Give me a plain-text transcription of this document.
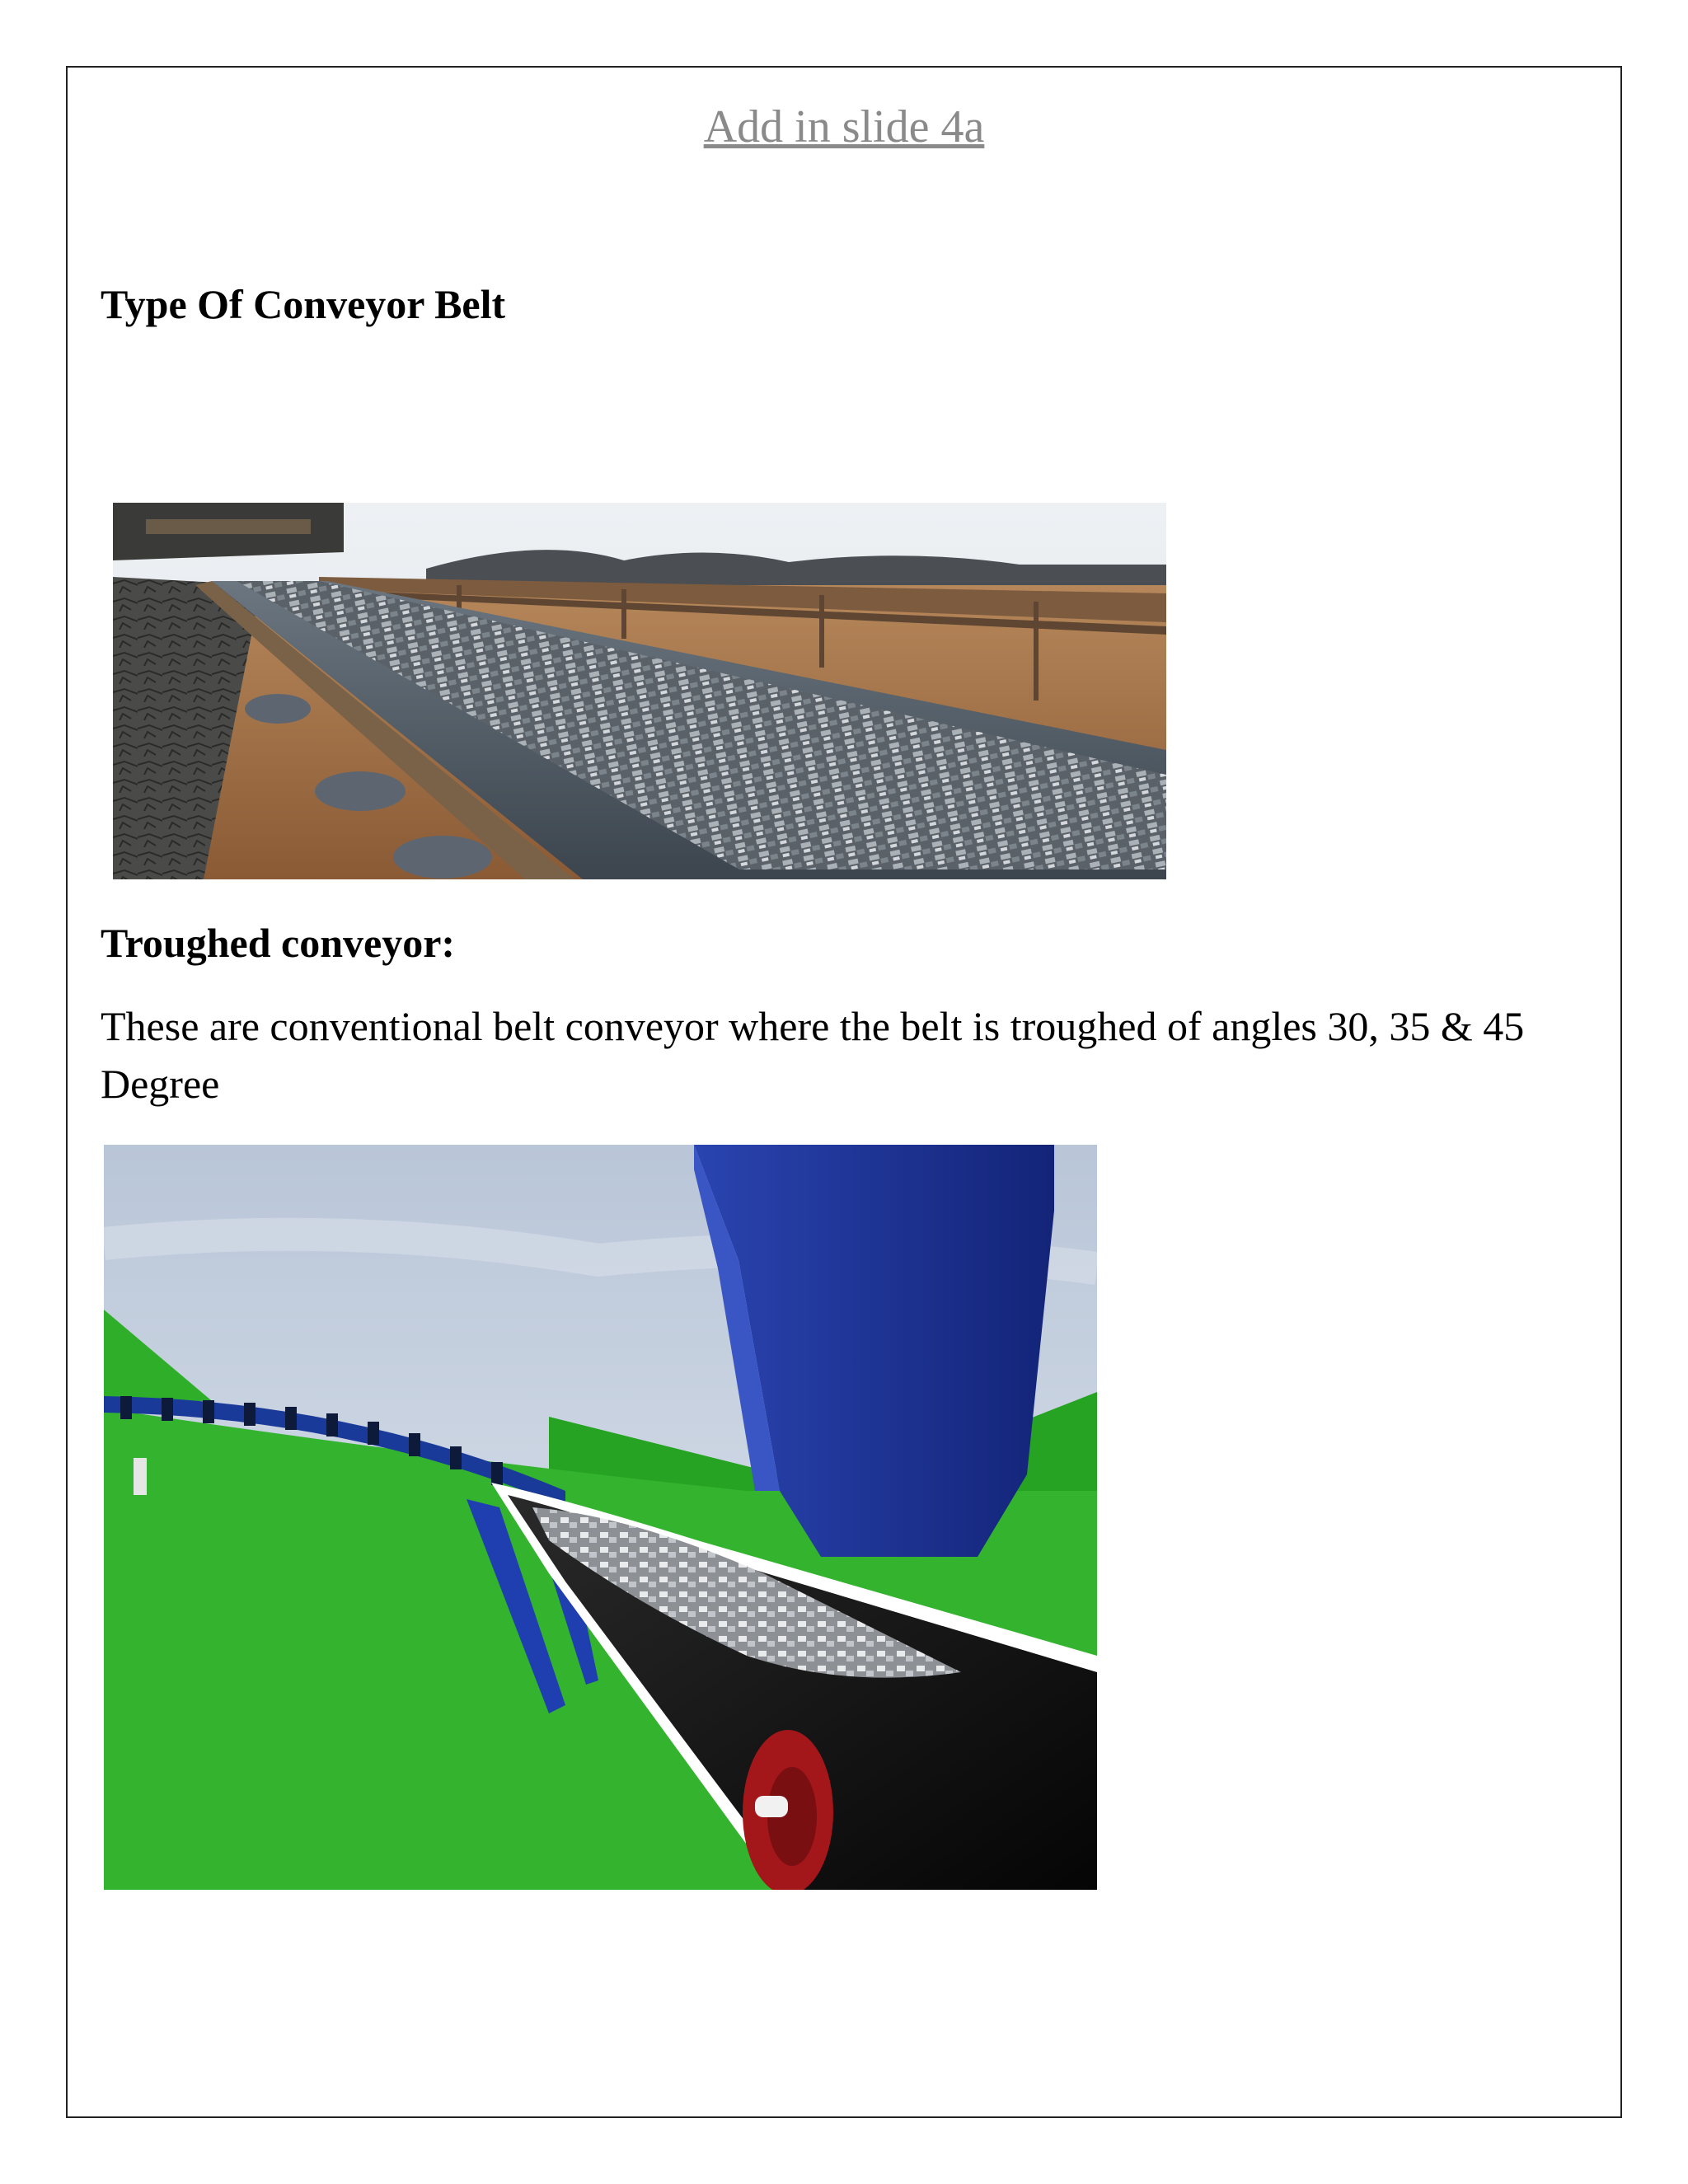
Add in slide 4a
Type Of Conveyor Belt
Troughed conveyor:
These are conventional belt conveyor where the belt is troughed of angles 30, 35 & 45 Degree
